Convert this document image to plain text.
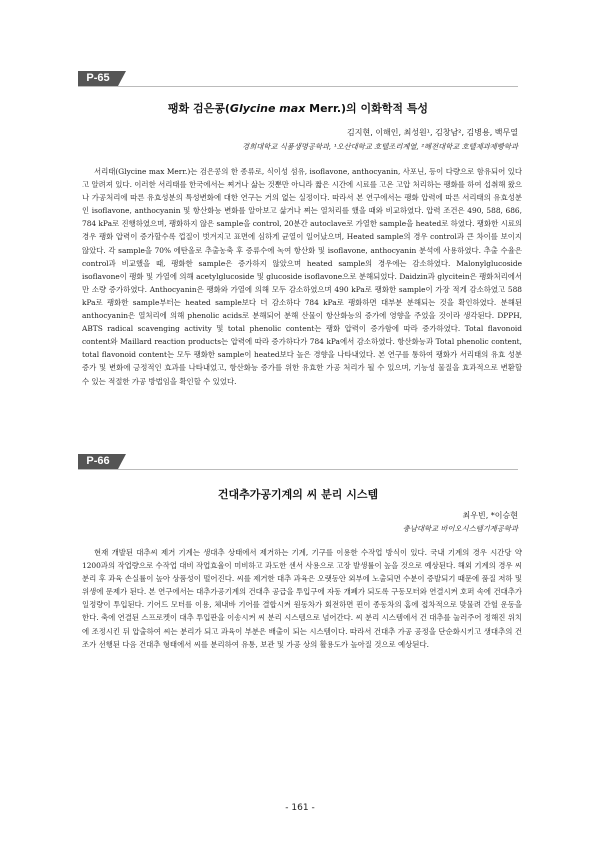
P-65
팽화 검은콩(Glycine max Merr.)의 이화학적 특성
김지현, 이해인, 최성원¹, 김창남², 김병용, 백무열
경희대학교 식품생명공학과, ¹오산대학교 호텔조리계열, ²혜전대학교 호텔제과제빵학과
서리태(Glycine max Merr.)는 검은콩의 한 종류로, 식이성 섬유, isoflavone, anthocyanin, 사포닌, 등이 다량으로 함유되어 있다고 알려져 있다. 이러한 서리태를 한국에서는 쪄거나 삶는 것뿐만 아니라 짧은 시간에 시료를 고온 고압 처리하는 팽화를 하여 섭취해 왔으나 가공처리에 따른 유효성분의 특성변화에 대한 연구는 거의 없는 실정이다. 따라서 본 연구에서는 팽화 압력에 따른 서리태의 유효성분인 isoflavone, anthocyanin 및 항산화능 변화를 알아보고 삶거나 쪄는 열처리를 했을 때와 비교하였다. 압력 조건은 490, 588, 686, 784 kPa로 진행하였으며, 팽화하지 않은 sample을 control, 20분간 autoclave로 가열한 sample을 heated로 하였다. 팽화한 시료의 경우 팽화 압력이 증가할수록 껍질이 벗겨지고 표면에 심하게 균열이 일어났으며, Heated sample의 경우 control과 큰 차이를 보이지 않았다. 각 sample을 70% 에탄올로 추출농축 후 증류수에 녹여 항산화 및 isoflavone, anthocyanin 분석에 사용하였다. 추출 수율은 control과 비교했을 때, 팽화한 sample은 증가하지 않았으며 heated sample의 경우에는 감소하였다. Malonylglucoside isoflavone이 팽화 및 가열에 의해 acetylglucoside 및 glucoside isoflavone으로 분해되었다. Daidzin과 glycitein은 팽화처리에서만 소량 증가하였다. Anthocyanin은 팽화와 가열에 의해 모두 감소하였으며 490 kPa로 팽화한 sample이 가장 적게 감소하였고 588 kPa로 팽화한 sample부터는 heated sample보다 더 감소하다 784 kPa로 팽화하면 대부분 분해되는 것을 확인하였다. 분해된 anthocyanin은 열처리에 의해 phenolic acids로 분해되어 분해 산물이 항산화능의 증가에 영향을 주었을 것이라 생각된다. DPPH, ABTS radical scavenging activity 및 total phenolic content는 팽화 압력이 증가함에 따라 증가하였다. Total flavonoid content와 Maillard reaction products는 압력에 따라 증가하다가 784 kPa에서 감소하였다. 항산화능과 Total phenolic content, total flavonoid content는 모두 팽화한 sample이 heated보다 높은 경향을 나타내었다. 본 연구를 통하여 팽화가 서리태의 유효 성분 증가 및 변화에 긍정적인 효과를 나타내었고, 항산화능 증가를 위한 유효한 가공 처리가 될 수 있으며, 기능성 물질을 효과적으로 변환할 수 있는 적절한 가공 방법임을 확인할 수 있었다.
P-66
건대추가공기계의 씨 분리 시스템
최우빈, *이승현
충남대학교 바이오시스템기계공학과
현재 개발된 대추씨 제거 기계는 생대추 상태에서 제거하는 기계, 기구를 이용한 수작업 방식이 있다. 국내 기계의 경우 시간당 약1200과의 작업량으로 수작업 대비 작업효율이 미비하고 과도한 센서 사용으로 고장 발생률이 높을 것으로 예상된다. 해외 기계의 경우 씨 분리 후 과육 손실률이 높아 상품성이 떨어진다. 씨를 제거한 대추 과육은 오랫동안 외부에 노출되면 수분이 증발되기 때문에 품질 저하 및 위생에 문제가 된다. 본 연구에서는 대추가공기계의 건대추 공급을 투입구에 자동 개폐가 되도록 구동모터와 연결시켜 호퍼 속에 건대추가 일정량이 투입된다. 기어드 모터를 이용, 체내바 기어를 결합시켜 원동차가 회전하면 핀이 종동차의 홈에 접차적으로 맞물려 간헐 운동을 한다. 축에 연결된 스프로켓이 대추 투입판을 이송시켜 씨 분리 시스템으로 넘어간다. 씨 분리 시스템에서 건 대추를 눌러주어 정해진 위치에 조정시킨 뒤 압출하여 씨는 분리가 되고 과육이 부분은 배출이 되는 시스템이다. 따라서 건대추 가공 공정을 단순화시키고 생대추의 건조가 선행된 다음 건대추 형태에서 씨를 분리하여 유통, 보관 및 가공 상의 활용도가 높아질 것으로 예상된다.
- 161 -
